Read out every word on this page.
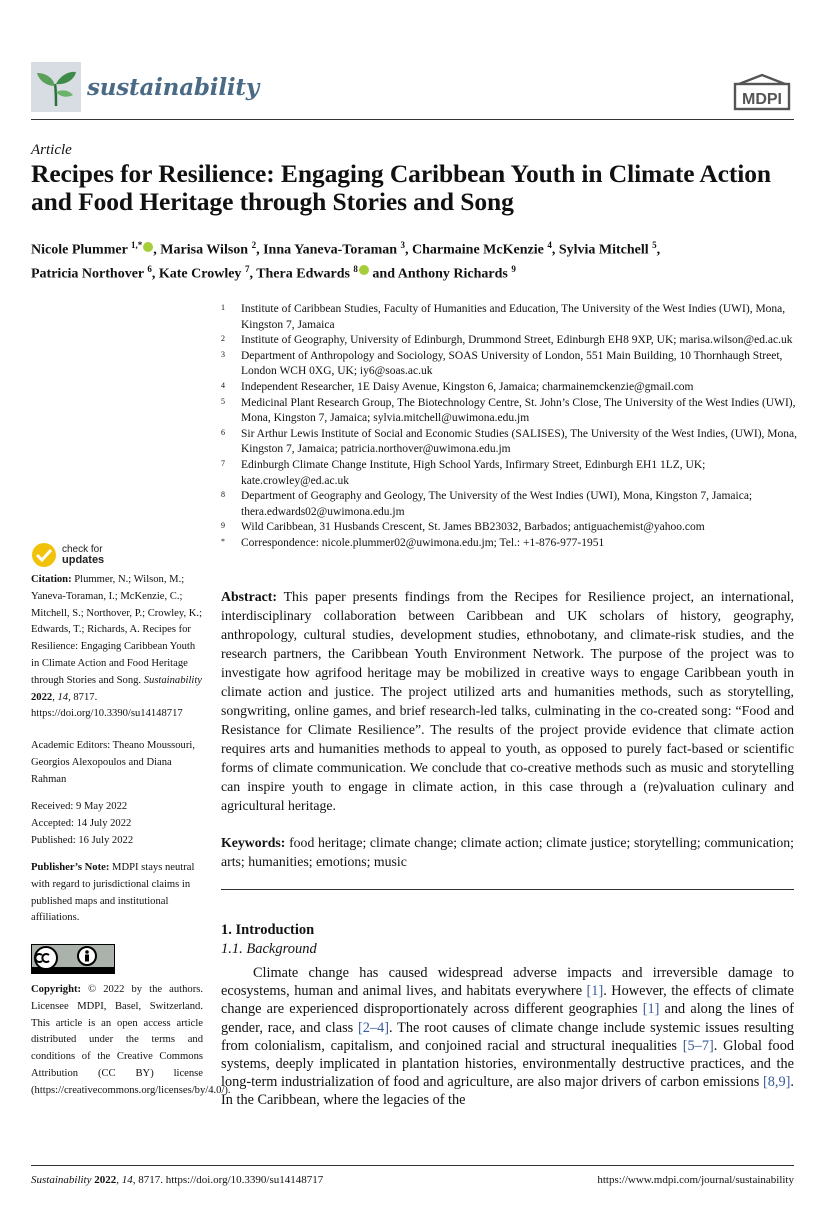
sustainability	MDPI
Article
Recipes for Resilience: Engaging Caribbean Youth in Climate Action and Food Heritage through Stories and Song
Nicole Plummer $^{1,*}$ , Marisa Wilson $^2$, Inna Yaneva-Toraman $^3$, Charmaine McKenzie $^4$, Sylvia Mitchell $^5$,
Patricia Northover $^6$, Kate Crowley $^7$, Thera Edwards $^8$ and Anthony Richards $^9$
1	Institute of Caribbean Studies, Faculty of Humanities and Education, The University of the West Indies (UWI), Mona, Kingston 7, Jamaica
2	Institute of Geography, University of Edinburgh, Drummond Street, Edinburgh EH8 9XP, UK; marisa.wilson@ed.ac.uk
3	Department of Anthropology and Sociology, SOAS University of London, 551 Main Building, 10 Thornhaugh Street, London WCH 0XG, UK; iy6@soas.ac.uk
4	Independent Researcher, 1E Daisy Avenue, Kingston 6, Jamaica; charmainemckenzie@gmail.com
5	Medicinal Plant Research Group, The Biotechnology Centre, St. John’s Close, The University of the West Indies (UWI), Mona, Kingston 7, Jamaica; sylvia.mitchell@uwimona.edu.jm
6	Sir Arthur Lewis Institute of Social and Economic Studies (SALISES), The University of the West Indies, (UWI), Mona, Kingston 7, Jamaica; patricia.northover@uwimona.edu.jm
7	Edinburgh Climate Change Institute, High School Yards, Infirmary Street, Edinburgh EH1 1LZ, UK; kate.crowley@ed.ac.uk
8	Department of Geography and Geology, The University of the West Indies (UWI), Mona, Kingston 7, Jamaica; thera.edwards02@uwimona.edu.jm
9	Wild Caribbean, 31 Husbands Crescent, St. James BB23032, Barbados; antiguachemist@yahoo.com
*	Correspondence: nicole.plummer02@uwimona.edu.jm; Tel.: +1-876-977-1951
check for
updates
Citation: Plummer, N.; Wilson, M.; Yaneva-Toraman, I.; McKenzie, C.; Mitchell, S.; Northover, P.; Crowley, K.; Edwards, T.; Richards, A. Recipes for Resilience: Engaging Caribbean Youth in Climate Action and Food Heritage through Stories and Song. Sustainability 2022, 14, 8717. https://doi.org/10.3390/su14148717
Academic Editors: Theano Moussouri, Georgios Alexopoulos and Diana Rahman
Received: 9 May 2022
Accepted: 14 July 2022
Published: 16 July 2022
Publisher’s Note: MDPI stays neutral with regard to jurisdictional claims in published maps and institutional affiliations.
Copyright: © 2022 by the authors. Licensee MDPI, Basel, Switzerland. This article is an open access article distributed under the terms and conditions of the Creative Commons Attribution (CC BY) license (https://creativecommons.org/licenses/by/4.0/).
Abstract: This paper presents findings from the Recipes for Resilience project, an international, interdisciplinary collaboration between Caribbean and UK scholars of history, geography, anthropology, cultural studies, development studies, ethnobotany, and climate-risk studies, and the research partners, the Caribbean Youth Environment Network. The purpose of the project was to investigate how agrifood heritage may be mobilized in creative ways to engage Caribbean youth in climate action and justice. The project utilized arts and humanities methods, such as storytelling, songwriting, online games, and brief research-led talks, culminating in the co-created song: “Food and Resistance for Climate Resilience”. The results of the project provide evidence that climate action requires arts and humanities methods to appeal to youth, as opposed to purely fact-based or scientific forms of climate communication. We conclude that co-creative methods such as music and storytelling can inspire youth to engage in climate action, in this case through a (re)valuation culinary and agricultural heritage.
Keywords: food heritage; climate change; climate action; climate justice; storytelling; communication; arts; humanities; emotions; music
1. Introduction
1.1. Background
Climate change has caused widespread adverse impacts and irreversible damage to ecosystems, human and animal lives, and habitats everywhere [1]. However, the effects of climate change are experienced disproportionately across different geographies [1] and along the lines of gender, race, and class [2–4]. The root causes of climate change include systemic issues resulting from colonialism, capitalism, and conjoined racial and structural inequalities [5–7]. Global food systems, deeply implicated in plantation histories, environmentally destructive practices, and the long-term industrialization of food and agriculture, are also major drivers of carbon emissions [8,9]. In the Caribbean, where the legacies of the
Sustainability 2022, 14, 8717. https://doi.org/10.3390/su14148717	https://www.mdpi.com/journal/sustainability
